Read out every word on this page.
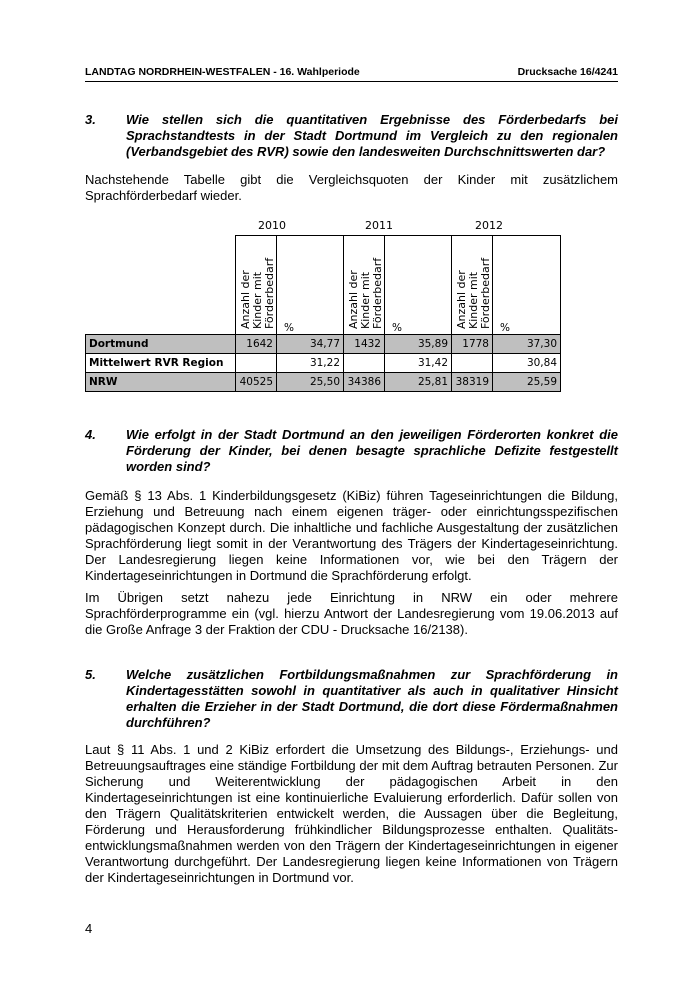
LANDTAG NORDRHEIN-WESTFALEN - 16. Wahlperiode	Drucksache 16/4241
3.	Wie stellen sich die quantitativen Ergebnisse des Förderbedarfs bei Sprachstandtests in der Stadt Dortmund im Vergleich zu den regionalen (Verbandsgebiet des RVR) sowie den landesweiten Durchschnittswerten dar?
Nachstehende Tabelle gibt die Vergleichsquoten der Kinder mit zusätzlichem Sprachförderbedarf wieder.
2010	2011	2012
	Anzahl der Kinder mit Förderbedarf	%	Anzahl der Kinder mit Förderbedarf	%	Anzahl der Kinder mit Förderbedarf	%
Dortmund	1642	34,77	1432	35,89	1778	37,30
Mittelwert RVR Region		31,22		31,42		30,84
NRW	40525	25,50	34386	25,81	38319	25,59
4.	Wie erfolgt in der Stadt Dortmund an den jeweiligen Förderorten konkret die Förderung der Kinder, bei denen besagte sprachliche Defizite festgestellt worden sind?
Gemäß § 13 Abs. 1 Kinderbildungsgesetz (KiBiz) führen Tageseinrichtungen die Bildung, Erziehung und Betreuung nach einem eigenen träger- oder einrichtungsspezifischen pädagogischen Konzept durch. Die inhaltliche und fachliche Ausgestaltung der zusätzlichen Sprachförderung liegt somit in der Verantwortung des Trägers der Kindertageseinrichtung. Der Landesregierung liegen keine Informationen vor, wie bei den Trägern der Kindertageseinrichtungen in Dortmund die Sprachförderung erfolgt.
Im Übrigen setzt nahezu jede Einrichtung in NRW ein oder mehrere Sprachförderprogramme ein (vgl. hierzu Antwort der Landesregierung vom 19.06.2013 auf die Große Anfrage 3 der Fraktion der CDU - Drucksache 16/2138).
5.	Welche zusätzlichen Fortbildungsmaßnahmen zur Sprachförderung in Kindertagesstätten sowohl in quantitativer als auch in qualitativer Hinsicht erhalten die Erzieher in der Stadt Dortmund, die dort diese Fördermaßnahmen durchführen?
Laut § 11 Abs. 1 und 2 KiBiz erfordert die Umsetzung des Bildungs-, Erziehungs- und Betreuungsauftrages eine ständige Fortbildung der mit dem Auftrag betrauten Personen. Zur Sicherung und Weiterentwicklung der pädagogischen Arbeit in den Kindertageseinrichtungen ist eine kontinuierliche Evaluierung erforderlich. Dafür sollen von den Trägern Qualitätskriterien entwickelt werden, die Aussagen über die Begleitung, Förderung und Herausforderung frühkindlicher Bildungsprozesse enthalten. Qualitäts-entwicklungsmaßnahmen werden von den Trägern der Kindertageseinrichtungen in eigener Verantwortung durchgeführt. Der Landesregierung liegen keine Informationen von Trägern der Kindertageseinrichtungen in Dortmund vor.
4
